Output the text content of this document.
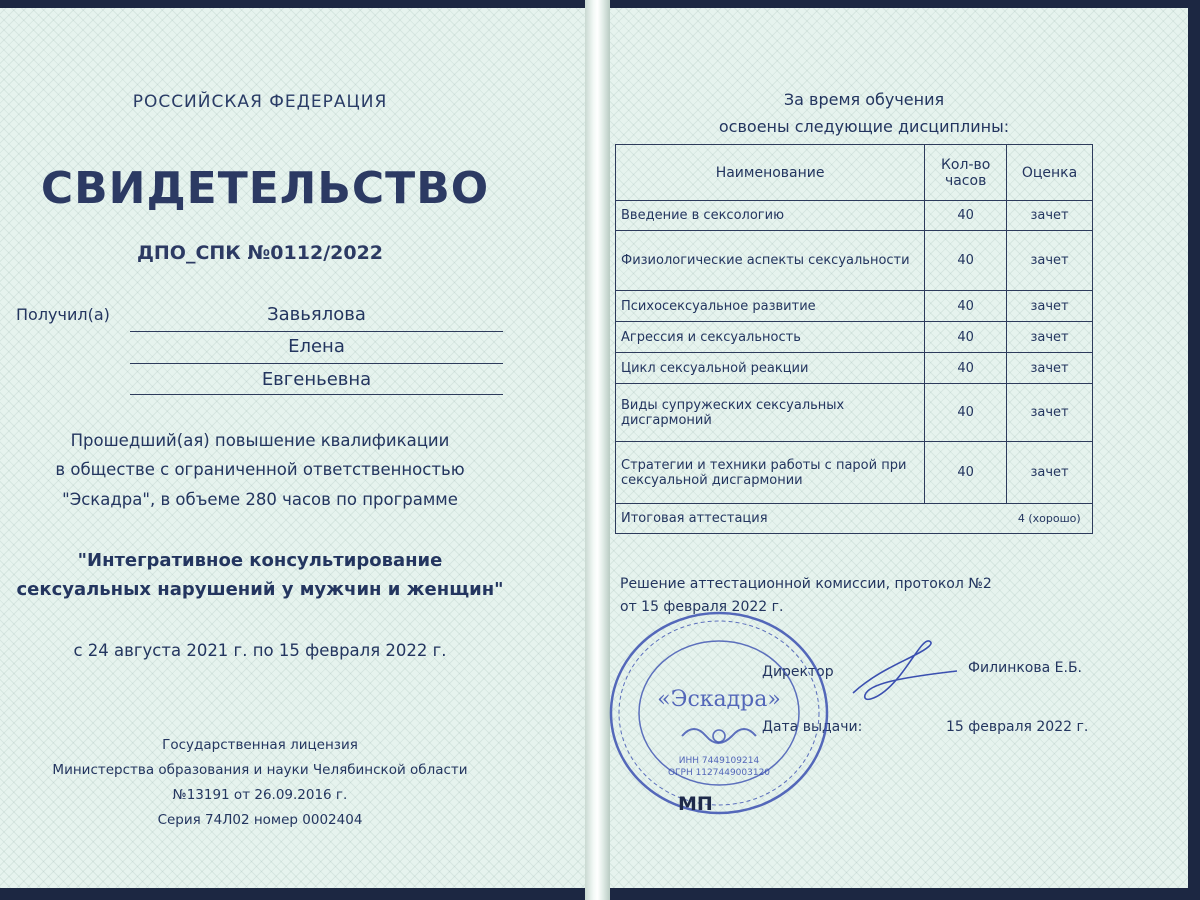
РОССИЙСКАЯ ФЕДЕРАЦИЯ
СВИДЕТЕЛЬСТВО
ДПО_СПК №0112/2022
Получил(а)	Завьялова
Елена
Евгеньевна
Прошедший(ая) повышение квалификации
в обществе с ограниченной ответственностью
"Эскадра", в объеме 280 часов по программе
"Интегративное консультирование
сексуальных нарушений у мужчин и женщин"
с 24 августа 2021 г. по 15 февраля 2022 г.
Государственная лицензия
Министерства образования и науки Челябинской области
№13191 от 26.09.2016 г.
Серия 74Л02 номер 0002404
За время обучения
освоены следующие дисциплины:
Наименование	Кол-во часов	Оценка
Введение в сексологию	40	зачет
Физиологические аспекты сексуальности	40	зачет
Психосексуальное развитие	40	зачет
Агрессия и сексуальность	40	зачет
Цикл сексуальной реакции	40	зачет
Виды супружеских сексуальных дисгармоний	40	зачет
Стратегии и техники работы с парой при сексуальной дисгармонии	40	зачет
Итоговая аттестация		4 (хорошо)
Решение аттестационной комиссии, протокол №2
от 15 февраля 2022 г.
Директор	Филинкова Е.Б.
Дата выдачи:	15 февраля 2022 г.
«Эскадра»
ИНН 7449109214
ОГРН 1127449003120
МП
